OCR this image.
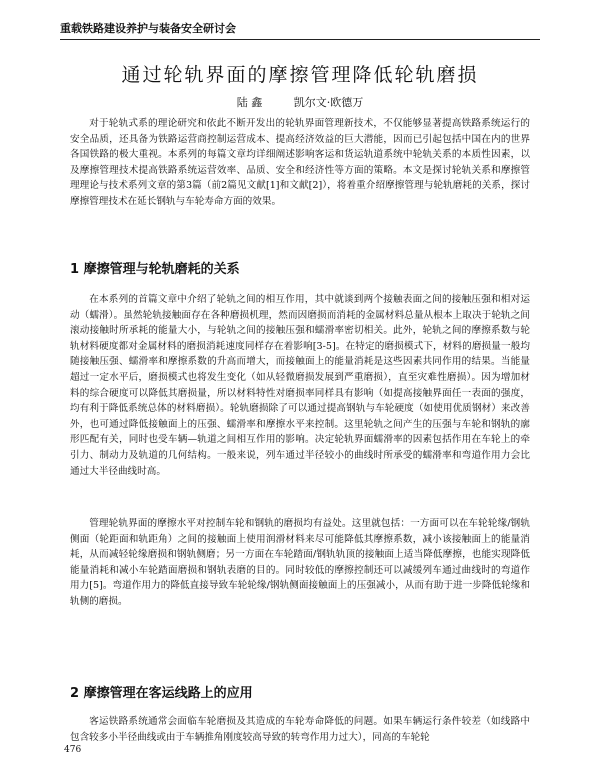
重载铁路建设养护与装备安全研讨会
通过轮轨界面的摩擦管理降低轮轨磨损
陆 鑫	凯尔文·欧德万

对于轮轨式系的理论研究和依此不断开发出的轮轨界面管理新技术，不仅能够显著提高铁路系统运行的安全品质，还具备为铁路运营商控制运营成本、提高经济效益的巨大潜能，因而已引起包括中国在内的世界各国铁路的极大重视。本系列的每篇文章均详细阐述影响客运和货运轨道系统中轮轨关系的本质性因素，以及摩擦管理技术提高铁路系统运营效率、品质、安全和经济性等方面的策略。本文是探讨轮轨关系和摩擦管理理论与技术系列文章的第3篇（前2篇见文献[1]和文献[2]），将着重介绍摩擦管理与轮轨磨耗的关系，探讨摩擦管理技术在延长钢轨与车轮寿命方面的效果。

1 摩擦管理与轮轨磨耗的关系

在本系列的首篇文章中介绍了轮轨之间的相互作用，其中就谈到两个接触表面之间的接触压强和相对运动（蠕滑）。虽然轮轨接触面存在各种磨损机理，然而因磨损而消耗的金属材料总量从根本上取决于轮轨之间滚动接触时所承耗的能量大小，与轮轨之间的接触压强和蠕滑率密切相关。此外，轮轨之间的摩擦系数与轮轨材料硬度都对金属材料的磨损消耗速度同样存在着影响[3-5]。在特定的磨损模式下，材料的磨损量一般均随接触压强、蠕滑率和摩擦系数的升高而增大，而接触面上的能量消耗是这些因素共同作用的结果。当能量超过一定水平后，磨损模式也将发生变化（如从轻微磨损发展到严重磨损），直至灾难性磨损）。因为增加材料的综合硬度可以降低其磨损量，所以材料特性对磨损率同样具有影响（如提高接触界面任一表面的强度，均有利于降低系统总体的材料磨损）。轮轨磨损除了可以通过提高钢轨与车轮硬度（如使用优质钢材）来改善外，也可通过降低接触面上的压强、蠕滑率和摩擦水平来控制。这里轮轨之间产生的压强与车轮和钢轨的廓形匹配有关，同时也受车辆—轨道之间相互作用的影响。决定轮轨界面蠕滑率的因素包括作用在车轮上的牵引力、制动力及轨道的几何结构。一般来说，列车通过半径较小的曲线时所承受的蠕滑率和弯道作用力会比通过大半径曲线时高。

管理轮轨界面的摩擦水平对控制车轮和钢轨的磨损均有益处。这里就包括：一方面可以在车轮轮缘/钢轨侧面（轮距面和轨距角）之间的接触面上使用润滑材料来尽可能降低其摩擦系数，减小该接触面上的能量消耗，从而减轻轮缘磨损和钢轨侧磨；另一方面在车轮踏面/钢轨轨顶的接触面上适当降低摩擦，也能实现降低能量消耗和减小车轮踏面磨损和钢轨表磨的目的。同时较低的摩擦控制还可以减缓列车通过曲线时的弯道作用力[5]。弯道作用力的降低直接导致车轮轮缘/钢轨侧面接触面上的压强减小，从而有助于进一步降低轮缘和轨侧的磨损。

2 摩擦管理在客运线路上的应用

客运铁路系统通常会面临车轮磨损及其造成的车轮寿命降低的问题。如果车辆运行条件较差（如线路中包含较多小半径曲线或由于车辆推角刚度较高导致的转弯作用力过大），同高的车轮轮

476
